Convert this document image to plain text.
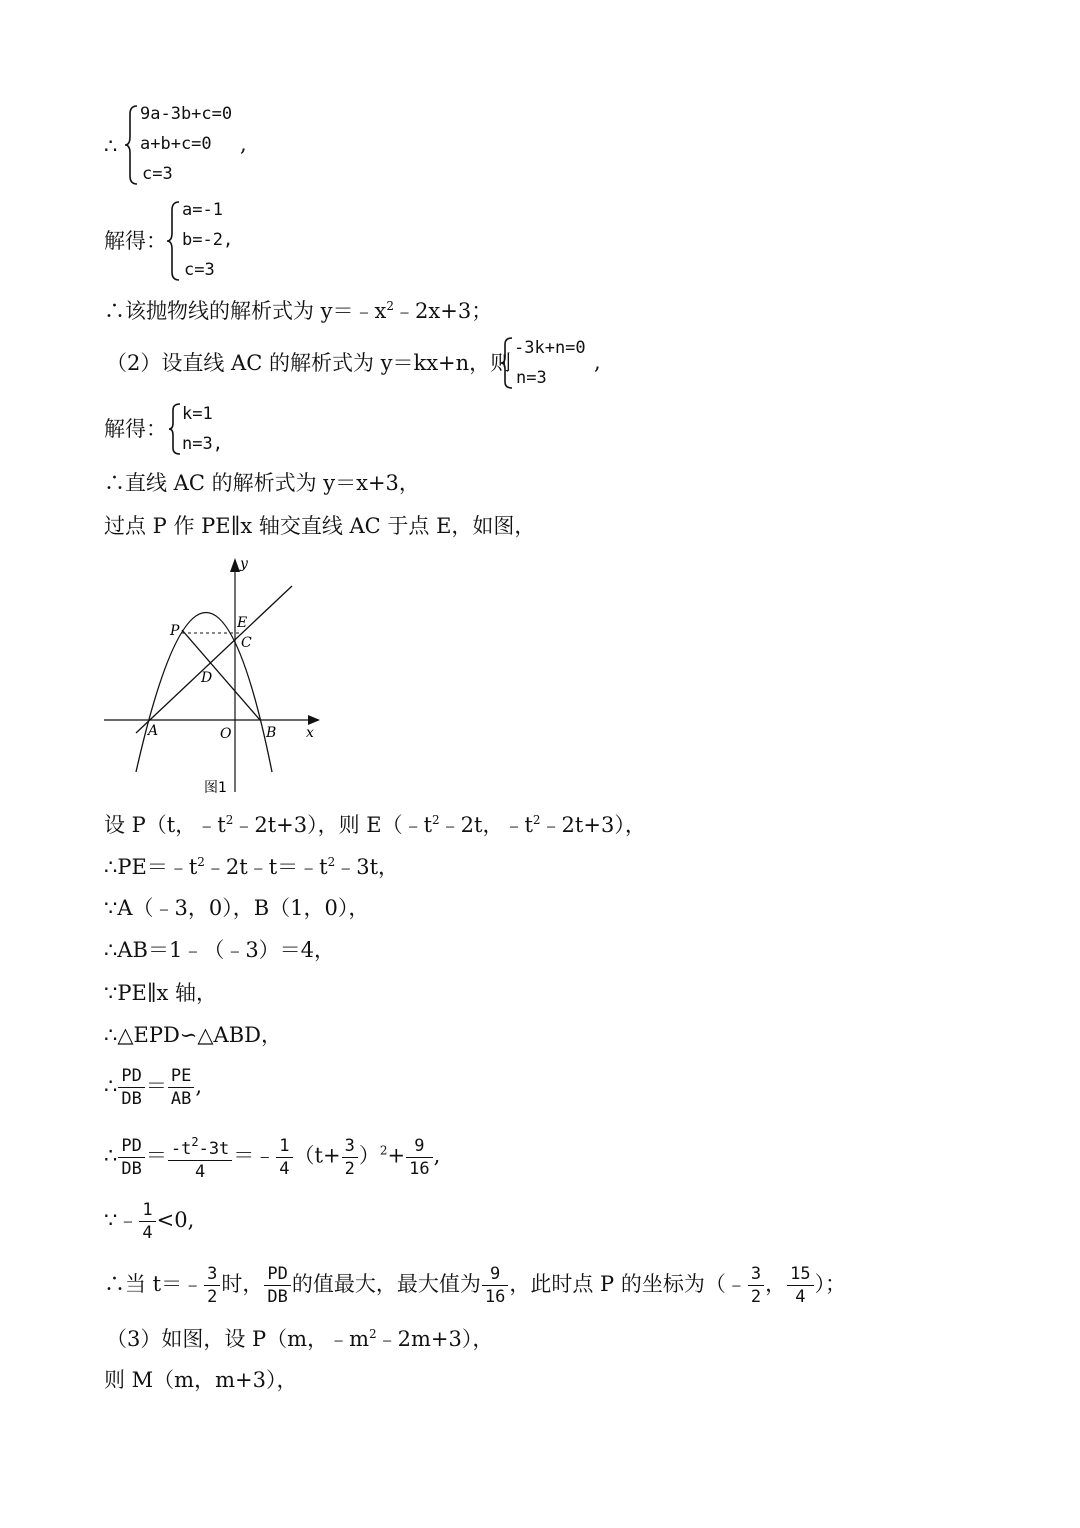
∴
9a-3b+c=0
a+b+c=0
c=3
,
解得：
a=-1
b=-2,
c=3
∴该抛物线的解析式为 $y=﹣x^2﹣2x+3$；
（2）设直线 AC 的解析式为 y＝kx+n，则
-3k+n=0
n=3
,
解得：
k=1
n=3,
∴直线 AC 的解析式为 y＝x+3，
过点 P 作 PE∥x 轴交直线 AC 于点 E，如图，
y
x
P	E
C
D
A	O B
图1
设 P（t，$﹣t^2﹣2t+3$），则 $E(﹣t^2﹣2t$，$﹣t^2﹣2t+3$），
$\therefore PE=﹣t^2﹣2t﹣t=﹣t^2﹣3t$，
∵A（﹣3，0），B（1，0），
∴AB＝1﹣（﹣3）＝4，
∵PE∥x 轴，
∴△EPD∽△ABD，
∴ $\frac{PD}{DB} = \frac{PE}{AB}$ ,
∴ $\frac{PD}{DB} = \frac{-t^2-3t}{4}$ ＝﹣ $\frac{1}{4} (t+ \frac{3}{2} )^2+ \frac{9}{16}$ ,
∵﹣ $\frac{1}{4} <0$,
∴当 t＝﹣ $\frac{3}{2}$ 时， $\frac{PD}{DB}$ 的值最大，最大值为 $\frac{9}{16}$ ，此时点 P 的坐标为（﹣ $\frac{3}{2}$ ， $\frac{15}{4}$ ）；
（3）如图，设 P（m，$﹣m^2﹣2m+3$），
则 M（m，m+3），
